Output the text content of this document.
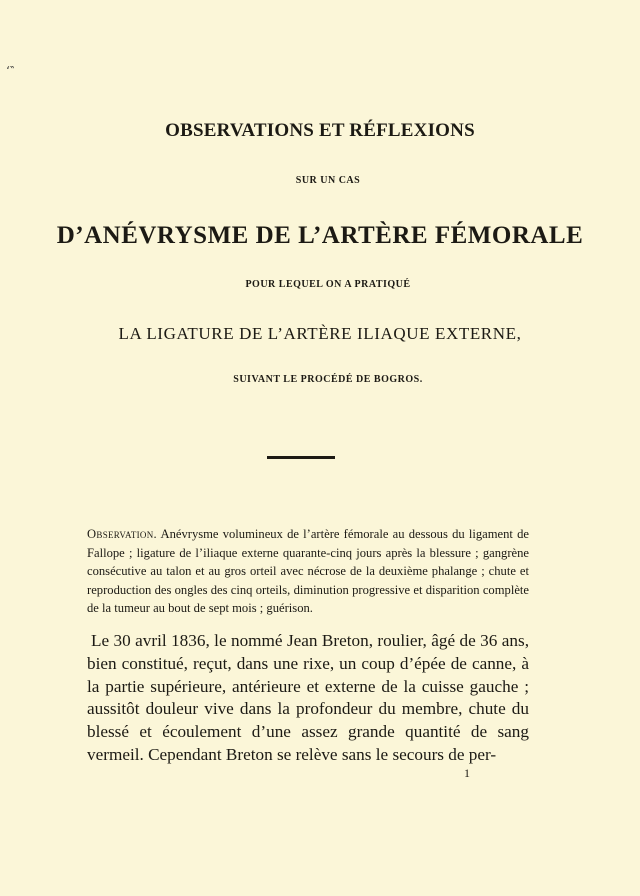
‘‶
OBSERVATIONS ET RÉFLEXIONS
SUR UN CAS
D’ANÉVRYSME DE L’ARTÈRE FÉMORALE
POUR LEQUEL ON A PRATIQUÉ
LA LIGATURE DE L’ARTÈRE ILIAQUE EXTERNE,
SUIVANT LE PROCÉDÉ DE BOGROS.
Observation. Anévrysme volumineux de l’artère fémorale au dessous du ligament de Fallope ; ligature de l’iliaque externe quarante-cinq jours après la blessure ; gangrène consécutive au talon et au gros orteil avec nécrose de la deuxième phalange ; chute et reproduction des ongles des cinq orteils, diminution progressive et disparition complète de la tumeur au bout de sept mois ; guérison.
Le 30 avril 1836, le nommé Jean Breton, roulier, âgé de 36 ans, bien constitué, reçut, dans une rixe, un coup d’épée de canne, à la partie supérieure, antérieure et externe de la cuisse gauche ; aussitôt douleur vive dans la profondeur du membre, chute du blessé et écoulement d’une assez grande quantité de sang vermeil. Cependant Breton se relève sans le secours de per-
1
